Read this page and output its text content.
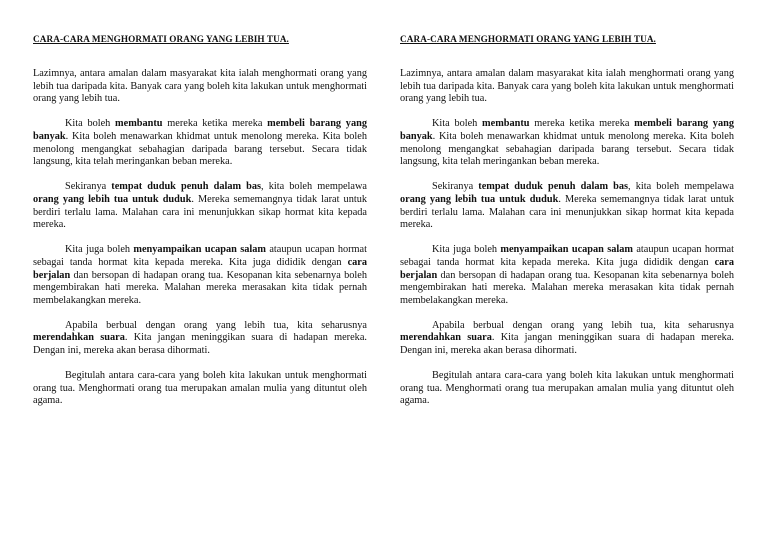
CARA-CARA MENGHORMATI ORANG YANG LEBIH TUA.

Lazimnya, antara amalan dalam masyarakat kita ialah menghormati orang yang lebih tua daripada kita. Banyak cara yang boleh kita lakukan untuk menghormati orang yang lebih tua.

Kita boleh membantu mereka ketika mereka membeli barang yang banyak. Kita boleh menawarkan khidmat untuk menolong mereka. Kita boleh menolong mengangkat sebahagian daripada barang tersebut. Secara tidak langsung, kita telah meringankan beban mereka.

Sekiranya tempat duduk penuh dalam bas, kita boleh mempelawa orang yang lebih tua untuk duduk. Mereka sememangnya tidak larat untuk berdiri terlalu lama. Malahan cara ini menunjukkan sikap hormat kita kepada mereka.

Kita juga boleh menyampaikan ucapan salam ataupun ucapan hormat sebagai tanda hormat kita kepada mereka. Kita juga dididik dengan cara berjalan dan bersopan di hadapan orang tua. Kesopanan kita sebenarnya boleh mengembirakan hati mereka. Malahan mereka merasakan kita tidak pernah membelakangkan mereka.

Apabila berbual dengan orang yang lebih tua, kita seharusnya merendahkan suara. Kita jangan meninggikan suara di hadapan mereka. Dengan ini, mereka akan berasa dihormati.

Begitulah antara cara-cara yang boleh kita lakukan untuk menghormati orang tua. Menghormati orang tua merupakan amalan mulia yang dituntut oleh agama.

CARA-CARA MENGHORMATI ORANG YANG LEBIH TUA.

Lazimnya, antara amalan dalam masyarakat kita ialah menghormati orang yang lebih tua daripada kita. Banyak cara yang boleh kita lakukan untuk menghormati orang yang lebih tua.

Kita boleh membantu mereka ketika mereka membeli barang yang banyak. Kita boleh menawarkan khidmat untuk menolong mereka. Kita boleh menolong mengangkat sebahagian daripada barang tersebut. Secara tidak langsung, kita telah meringankan beban mereka.

Sekiranya tempat duduk penuh dalam bas, kita boleh mempelawa orang yang lebih tua untuk duduk. Mereka sememangnya tidak larat untuk berdiri terlalu lama. Malahan cara ini menunjukkan sikap hormat kita kepada mereka.

Kita juga boleh menyampaikan ucapan salam ataupun ucapan hormat sebagai tanda hormat kita kepada mereka. Kita juga dididik dengan cara berjalan dan bersopan di hadapan orang tua. Kesopanan kita sebenarnya boleh mengembirakan hati mereka. Malahan mereka merasakan kita tidak pernah membelakangkan mereka.

Apabila berbual dengan orang yang lebih tua, kita seharusnya merendahkan suara. Kita jangan meninggikan suara di hadapan mereka. Dengan ini, mereka akan berasa dihormati.

Begitulah antara cara-cara yang boleh kita lakukan untuk menghormati orang tua. Menghormati orang tua merupakan amalan mulia yang dituntut oleh agama.
